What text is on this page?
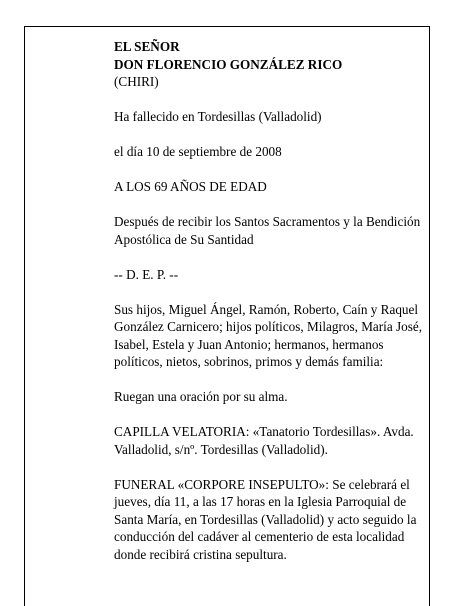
EL SEÑOR

DON FLORENCIO GONZÁLEZ RICO

(CHIRI)

Ha fallecido en Tordesillas (Valladolid)

el día 10 de septiembre de 2008

A LOS 69 AÑOS DE EDAD

Después de recibir los Santos Sacramentos y la Bendición Apostólica de Su Santidad

-- D. E. P. --

Sus hijos, Miguel Ángel, Ramón, Roberto, Caín y Raquel González Carnicero; hijos políticos, Milagros, María José, Isabel, Estela y Juan Antonio; hermanos, hermanos políticos, nietos, sobrinos, primos y demás familia:

Ruegan una oración por su alma.

CAPILLA VELATORIA: «Tanatorio Tordesillas». Avda. Valladolid, s/nº. Tordesillas (Valladolid).

FUNERAL «CORPORE INSEPULTO»: Se celebrará el jueves, día 11, a las 17 horas en la Iglesia Parroquial de Santa María, en Tordesillas (Valladolid) y acto seguido la conducción del cadáver al cementerio de esta localidad donde recibirá cristina sepultura.
